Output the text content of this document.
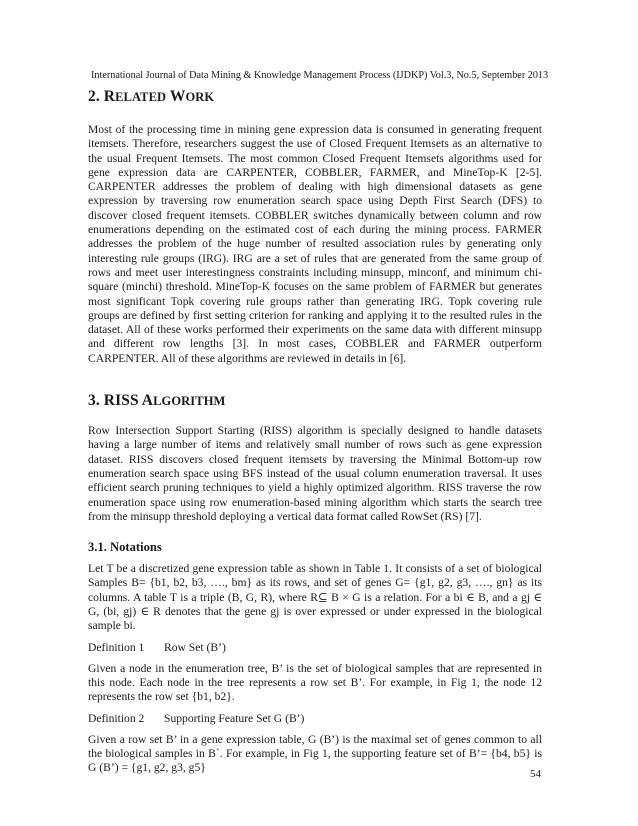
International Journal of Data Mining & Knowledge Management Process (IJDKP) Vol.3, No.5, September 2013
2. RELATED WORK

Most of the processing time in mining gene expression data is consumed in generating frequent itemsets. Therefore, researchers suggest the use of Closed Frequent Itemsets as an alternative to the usual Frequent Itemsets. The most common Closed Frequent Itemsets algorithms used for gene expression data are CARPENTER, COBBLER, FARMER, and MineTop-K [2-5]. CARPENTER addresses the problem of dealing with high dimensional datasets as gene expression by traversing row enumeration search space using Depth First Search (DFS) to discover closed frequent itemsets. COBBLER switches dynamically between column and row enumerations depending on the estimated cost of each during the mining process. FARMER addresses the problem of the huge number of resulted association rules by generating only interesting rule groups (IRG). IRG are a set of rules that are generated from the same group of rows and meet user interestingness constraints including minsupp, minconf, and minimum chi-square (minchi) threshold. MineTop-K focuses on the same problem of FARMER but generates most significant Topk covering rule groups rather than generating IRG. Topk covering rule groups are defined by first setting criterion for ranking and applying it to the resulted rules in the dataset. All of these works performed their experiments on the same data with different minsupp and different row lengths [3]. In most cases, COBBLER and FARMER outperform CARPENTER. All of these algorithms are reviewed in details in [6].

3. RISS ALGORITHM

Row Intersection Support Starting (RISS) algorithm is specially designed to handle datasets having a large number of items and relatively small number of rows such as gene expression dataset. RISS discovers closed frequent itemsets by traversing the Minimal Bottom-up row enumeration search space using BFS instead of the usual column enumeration traversal. It uses efficient search pruning techniques to yield a highly optimized algorithm. RISS traverse the row enumeration space using row enumeration-based mining algorithm which starts the search tree from the minsupp threshold deploying a vertical data format called RowSet (RS) [7].

3.1. Notations

Let T be a discretized gene expression table as shown in Table 1. It consists of a set of biological Samples B= {b1, b2, b3, …., bm} as its rows, and set of genes G= {g1, g2, g3, …., gn} as its columns. A table T is a triple (B, G, R), where R⊆ B × G is a relation. For a bi ∈ B, and a gj ∈ G, (bi, gj) ∈ R denotes that the gene gj is over expressed or under expressed in the biological sample bi.

Definition 1 Row Set (B’)

Given a node in the enumeration tree, B’ is the set of biological samples that are represented in this node. Each node in the tree represents a row set B’. For example, in Fig 1, the node 12 represents the row set {b1, b2}.

Definition 2 Supporting Feature Set G (B’)

Given a row set B’ in a gene expression table, G (B’) is the maximal set of genes common to all the biological samples in B`. For example, in Fig 1, the supporting feature set of B’= {b4, b5} is G (B’) = {g1, g2, g3, g5}	54
